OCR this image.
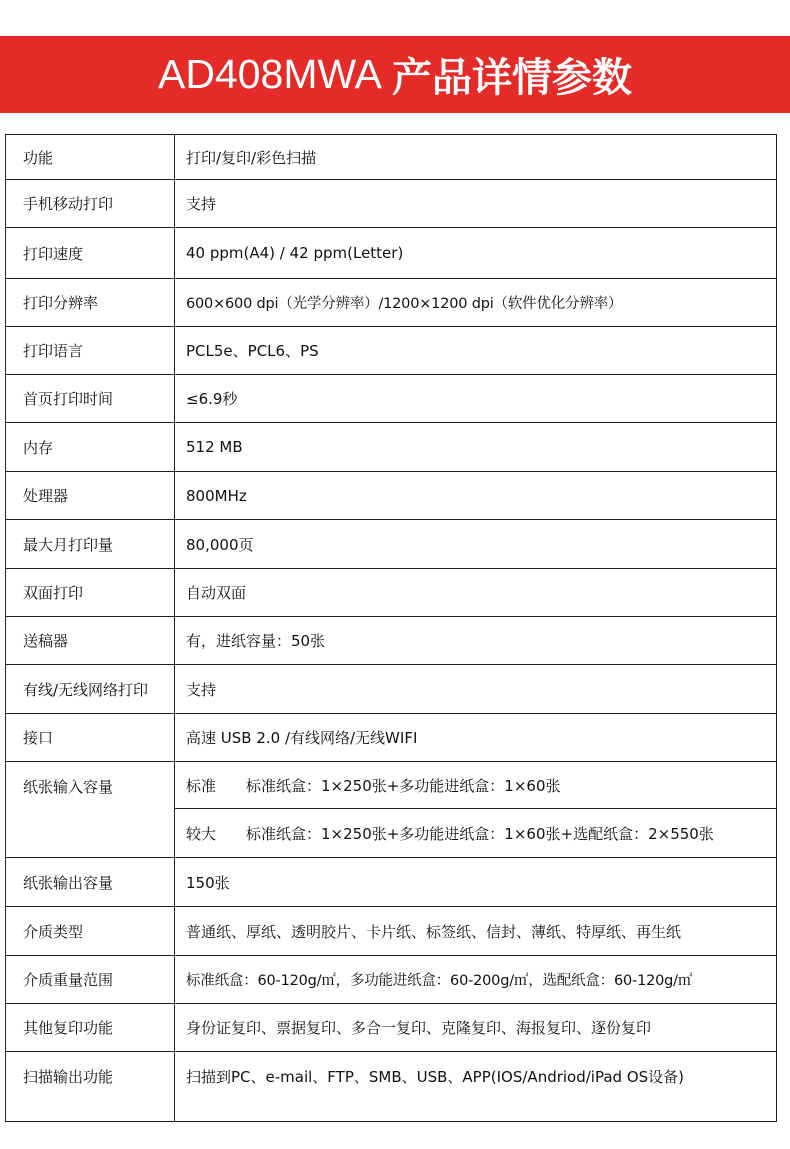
AD408MWA 产品详情参数
功能	打印/复印/彩色扫描
手机移动打印	支持
打印速度	40 ppm(A4) / 42 ppm(Letter)
打印分辨率	600×600 dpi（光学分辨率）/1200×1200 dpi（软件优化分辨率）
打印语言	PCL5e、PCL6、PS
首页打印时间	≤6.9秒
内存	512 MB
处理器	800MHz
最大月打印量	80,000页
双面打印	自动双面
送稿器	有，进纸容量：50张
有线/无线网络打印	支持
接口	高速 USB 2.0 /有线网络/无线WIFI
纸张输入容量	标准 标准纸盒：1×250张+多功能进纸盒：1×60张
	较大 标准纸盒：1×250张+多功能进纸盒：1×60张+选配纸盒：2×550张
纸张输出容量	150张
介质类型	普通纸、厚纸、透明胶片、卡片纸、标签纸、信封、薄纸、特厚纸、再生纸
介质重量范围	标准纸盒：60-120g/㎡，多功能进纸盒：60-200g/㎡，选配纸盒：60-120g/㎡
其他复印功能	身份证复印、票据复印、多合一复印、克隆复印、海报复印、逐份复印
扫描输出功能	扫描到PC、e-mail、FTP、SMB、USB、APP(IOS/Andriod/iPad OS设备)
